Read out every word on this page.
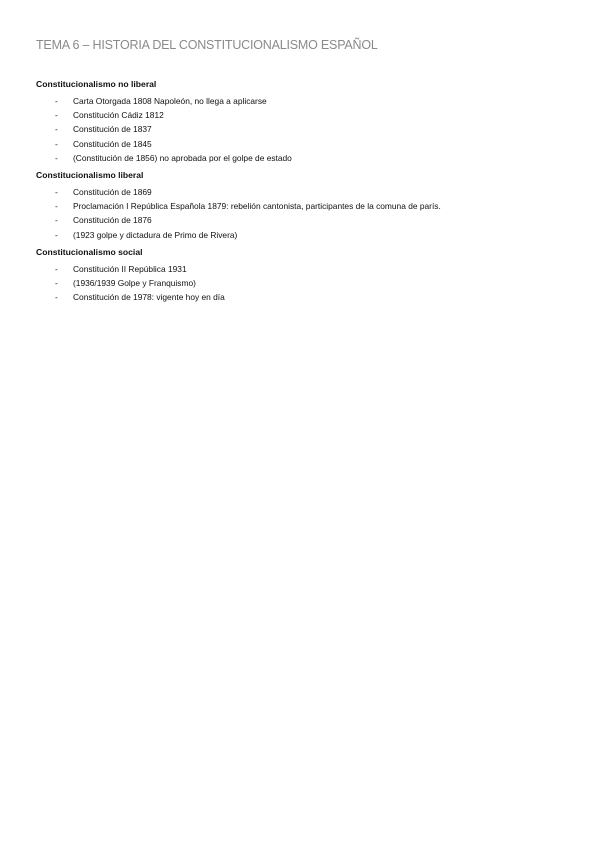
TEMA 6 – HISTORIA DEL CONSTITUCIONALISMO ESPAÑOL

Constitucionalismo no liberal

- Carta Otorgada 1808 Napoleón, no llega a aplicarse
- Constitución Cádiz 1812
- Constitución de 1837
- Constitución de 1845
- (Constitución de 1856) no aprobada por el golpe de estado

Constitucionalismo liberal

- Constitución de 1869
- Proclamación I República Española 1879: rebelión cantonista, participantes de la comuna de parís.
- Constitución de 1876
- (1923 golpe y dictadura de Primo de Rivera)

Constitucionalismo social

- Constitución II República 1931
- (1936/1939 Golpe y Franquismo)
- Constitución de 1978: vigente hoy en día
